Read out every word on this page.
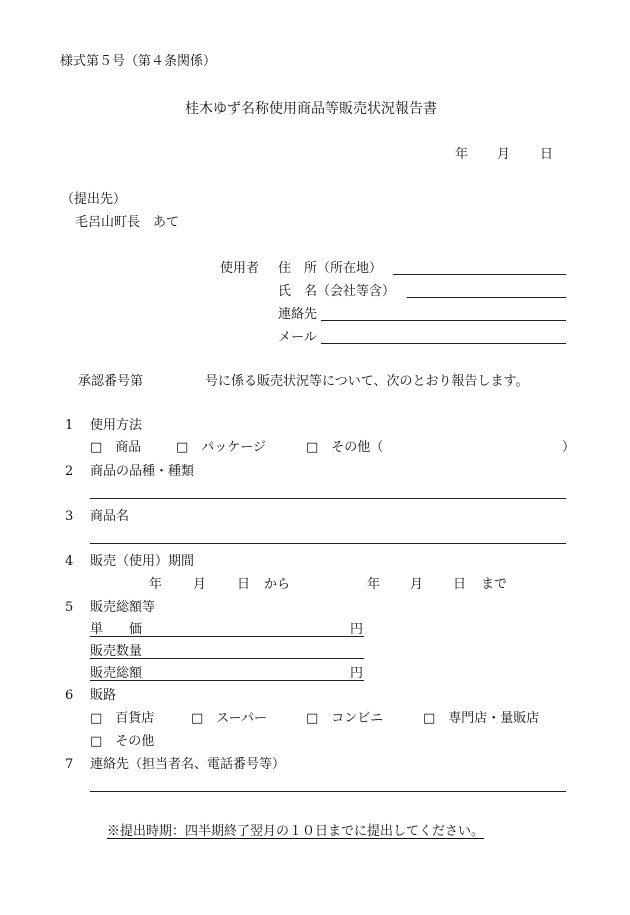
様式第５号（第４条関係）
桂木ゆず名称使用商品等販売状況報告書
年 月 日
（提出先）
毛呂山町長　あて
使用者 住　所（所在地）
氏　名（会社等含）
連絡先
メール
承認番号第	号に係る販売状況等について、次のとおり報告します。
1 使用方法
□　商品	□　パッケージ	□　その他（	）
2 商品の品種・種類
3 商品名
4 販売（使用）期間
年 月 日 から	年 月 日 まで
5 販売総額等
単　　価	円
販売数量
販売総額	円
6 販路
□　百貨店	□　スーパー	□　コンビニ	□　専門店・量販店
□　その他
7 連絡先（担当者名、電話番号等）
※提出時期：四半期終了翌月の１０日までに提出してください。
